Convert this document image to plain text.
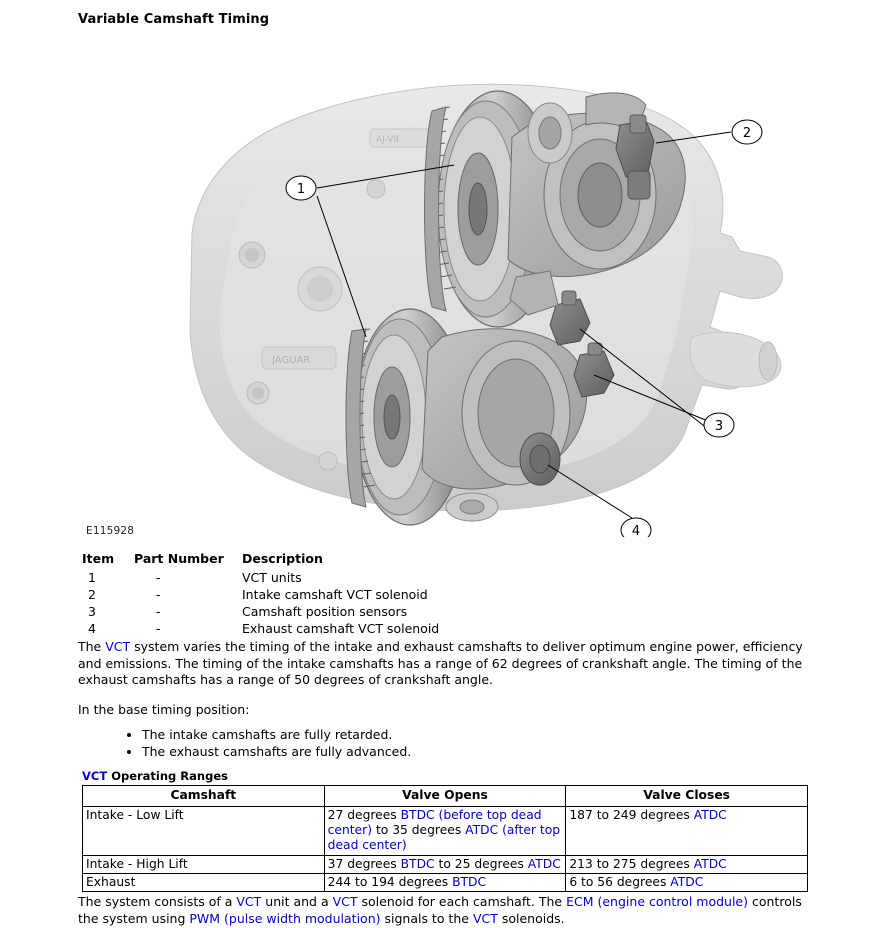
Variable Camshaft Timing
JAGUAR
AJ-V8
1
2
3
4
E115928
Item	Part Number	Description
1	-	VCT units
2	-	Intake camshaft VCT solenoid
3	-	Camshaft position sensors
4	-	Exhaust camshaft VCT solenoid

The VCT system varies the timing of the intake and exhaust camshafts to deliver optimum engine power, efficiency and emissions. The timing of the intake camshafts has a range of 62 degrees of crankshaft angle. The timing of the exhaust camshafts has a range of 50 degrees of crankshaft angle.

In the base timing position:

• The intake camshafts are fully retarded.
• The exhaust camshafts are fully advanced.
VCT Operating Ranges
Camshaft	Valve Opens	Valve Closes
Intake - Low Lift	27 degrees BTDC (before top dead center) to 35 degrees ATDC (after top dead center)	187 to 249 degrees ATDC
Intake - High Lift	37 degrees BTDC to 25 degrees ATDC	213 to 275 degrees ATDC
Exhaust	244 to 194 degrees BTDC	6 to 56 degrees ATDC

The system consists of a VCT unit and a VCT solenoid for each camshaft. The ECM (engine control module) controls the system using PWM (pulse width modulation) signals to the VCT solenoids.
